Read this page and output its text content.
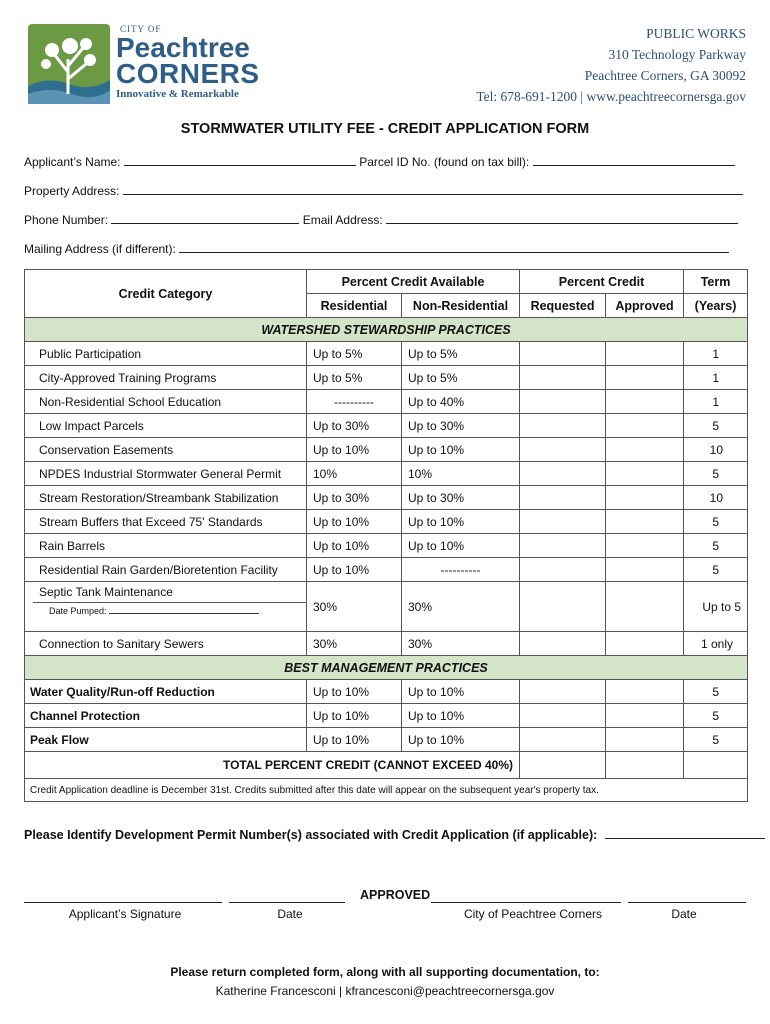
CITY OF
Peachtree
CORNERS
Innovative & Remarkable
PUBLIC WORKS
310 Technology Parkway
Peachtree Corners, GA 30092
Tel: 678-691-1200 | www.peachtreecornersga.gov
STORMWATER UTILITY FEE - CREDIT APPLICATION FORM
Applicant’s Name:	Parcel ID No. (found on tax bill):
Property Address:
Phone Number:	Email Address:
Mailing Address (if different):
Credit Category	Percent Credit Available		Percent Credit		Term
	Residential	Non-Residential	Requested	Approved	(Years)
WATERSHED STEWARDSHIP PRACTICES					
Public Participation	Up to 5%	Up to 5%			1
City-Approved Training Programs	Up to 5%	Up to 5%			1
Non-Residential School Education	----------	Up to 40%			1
Low Impact Parcels	Up to 30%	Up to 30%			5
Conservation Easements	Up to 10%	Up to 10%			10
NPDES Industrial Stormwater General Permit	10%	10%			5
Stream Restoration/Streambank Stabilization	Up to 30%	Up to 30%			10
Stream Buffers that Exceed 75' Standards	Up to 10%	Up to 10%			5
Rain Barrels	Up to 10%	Up to 10%			5
Residential Rain Garden/Bioretention Facility	Up to 10%	----------			5

Septic Tank Maintenance
Date Pumped:	30%	30%			Up to 5
Connection to Sanitary Sewers	30%	30%			1 only
BEST MANAGEMENT PRACTICES					
Water Quality/Run-off Reduction	Up to 10%	Up to 10%			5
Channel Protection	Up to 10%	Up to 10%			5
Peak Flow	Up to 10%	Up to 10%			5
TOTAL PERCENT CREDIT (CANNOT EXCEED 40%)					
Credit Application deadline is December 31st. Credits submitted after this date will appear on the subsequent year's property tax.					
Please Identify Development Permit Number(s) associated with Credit Application (if applicable):
APPROVED
Applicant’s Signature	Date	City of Peachtree Corners	Date
Please return completed form, along with all supporting documentation, to:
Katherine Francesconi | kfrancesconi@peachtreecornersga.gov
